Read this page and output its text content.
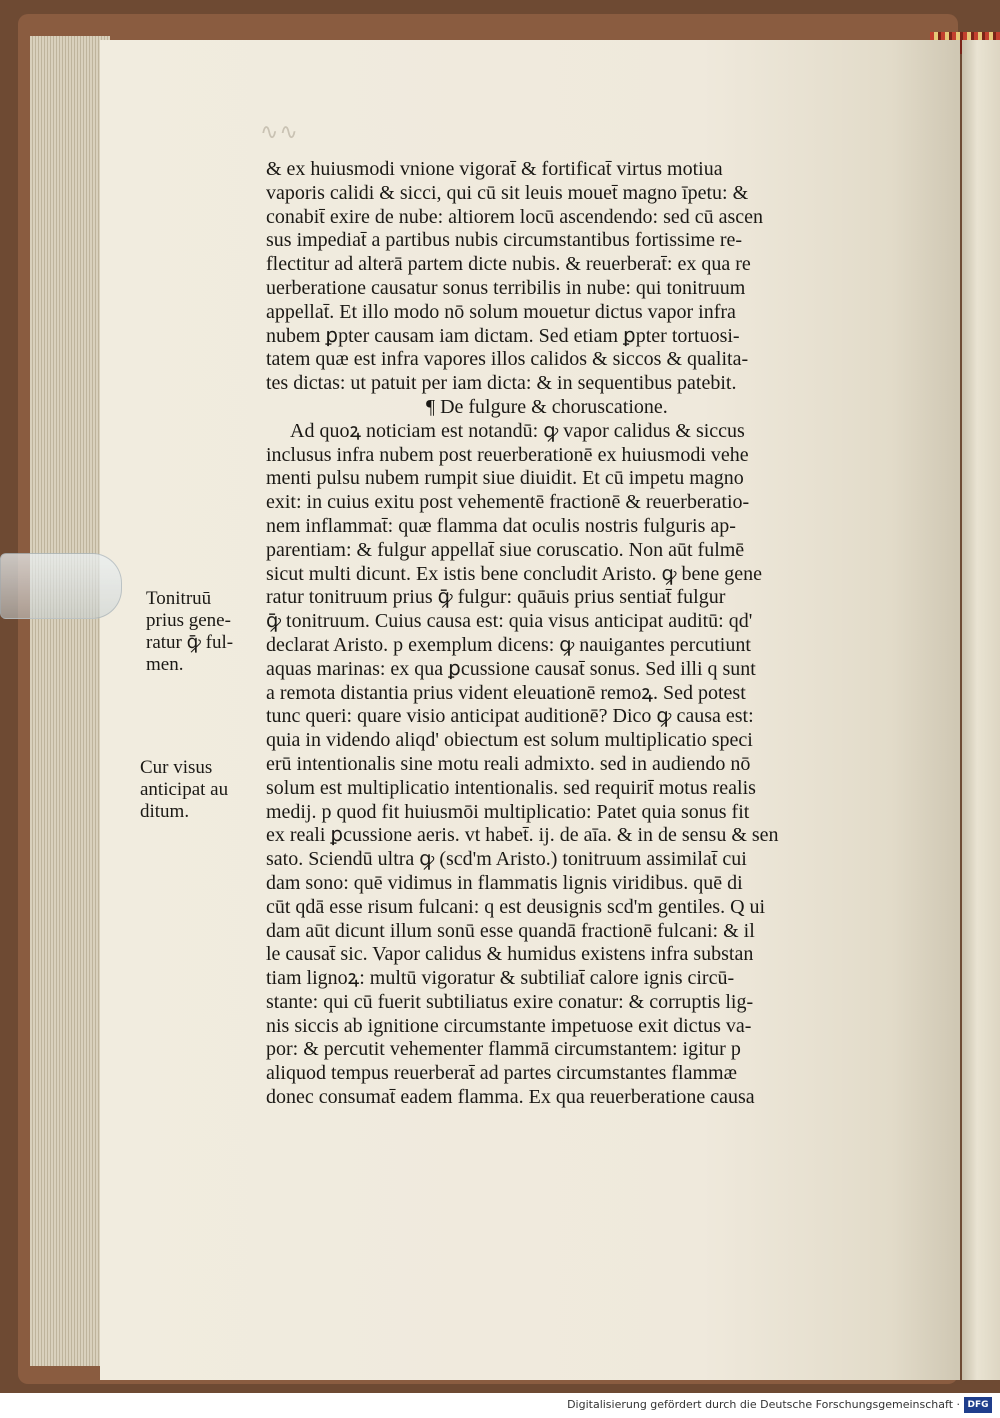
∿∿
& ex huiusmodi vnione vigorat̄ & fortificat̄ virtus motiua
vaporis calidi & sicci, qui cū sit leuis mouet̄ magno īpetu: &
conabit̄ exire de nube: altiorem locū ascendendo: sed cū ascen
sus impediat̄ a partibus nubis circumstantibus fortissime re-
flectitur ad alterā partem dicte nubis. & reuerberat̄: ex qua re
uerberatione causatur sonus terribilis in nube: qui tonitruum
appellat̄. Et illo modo nō solum mouetur dictus vapor infra
nubem ꝑpter causam iam dictam. Sed etiam ꝑpter tortuosi-
tatem quæ est infra vapores illos calidos & siccos & qualita-
tes dictas: ut patuit per iam dicta: & in sequentibus patebit.
¶ De fulgure & choruscatione.
Ad quoꝝ noticiam est notandū: ꝙ vapor calidus & siccus
inclusus infra nubem post reuerberationē ex huiusmodi vehe
menti pulsu nubem rumpit siue diuidit. Et cū impetu magno
exit: in cuius exitu post vehementē fractionē & reuerberatio-
nem inflammat̄: quæ flamma dat oculis nostris fulguris ap-
parentiam: & fulgur appellat̄ siue coruscatio. Non aūt fulmē
sicut multi dicunt. Ex istis bene concludit Aristo. ꝙ bene gene
ratur tonitruum prius ꝙ̄ fulgur: quāuis prius sentiat̄ fulgur
ꝙ̄ tonitruum. Cuius causa est: quia visus anticipat auditū: qd'
declarat Aristo. p exemplum dicens: ꝙ nauigantes percutiunt
aquas marinas: ex qua ꝑcussione causat̄ sonus. Sed illi q sunt
a remota distantia prius vident eleuationē remoꝝ. Sed potest
tunc queri: quare visio anticipat auditionē? Dico ꝙ causa est:
quia in videndo aliqd' obiectum est solum multiplicatio speci
erū intentionalis sine motu reali admixto. sed in audiendo nō
solum est multiplicatio intentionalis. sed requirit̄ motus realis
medij. p quod fit huiusmōi multiplicatio: Patet quia sonus fit
ex reali ꝑcussione aeris. vt habet̄. ij. de aīa. & in de sensu & sen
sato. Sciendū ultra ꝙ (scd'm Aristo.) tonitruum assimilat̄ cui
dam sono: quē vidimus in flammatis lignis viridibus. quē di
cūt qdā esse risum fulcani: q est deusignis scd'm gentiles. Q ui
dam aūt dicunt illum sonū esse quandā fractionē fulcani: & il
le causat̄ sic. Vapor calidus & humidus existens infra substan
tiam lignoꝝ: multū vigoratur & subtiliat̄ calore ignis circū-
stante: qui cū fuerit subtiliatus exire conatur: & corruptis lig-
nis siccis ab ignitione circumstante impetuose exit dictus va-
por: & percutit vehementer flammā circumstantem: igitur p
aliquod tempus reuerberat̄ ad partes circumstantes flammæ
donec consumat̄ eadem flamma. Ex qua reuerberatione causa
Tonitruū
prius gene-
ratur ꝙ̄ ful-
men.
Cur visus
anticipat au
ditum.
Digitalisierung gefördert durch die Deutsche Forschungsgemeinschaft · DFG
